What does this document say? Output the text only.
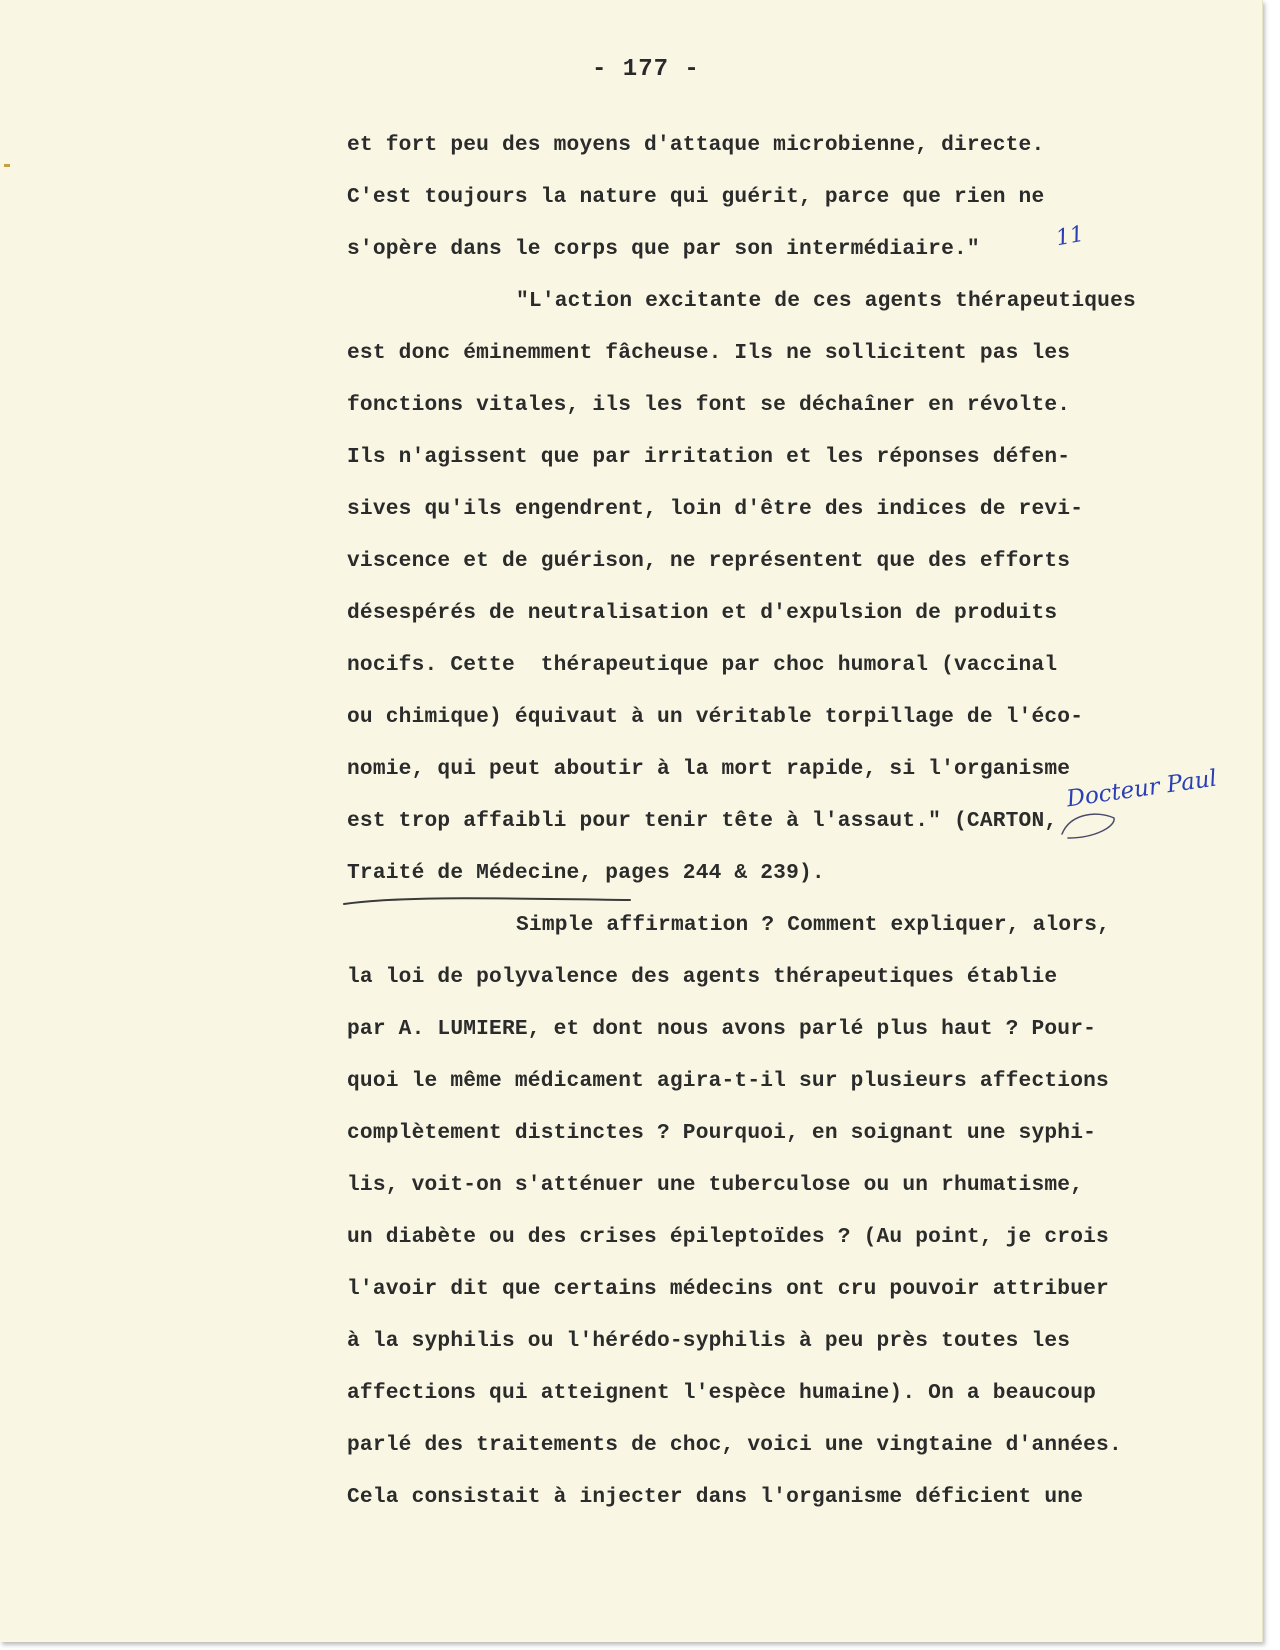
- 177 -
et fort peu des moyens d'attaque microbienne, directe.
C'est toujours la nature qui guérit, parce que rien ne
s'opère dans le corps que par son intermédiaire."
"L'action excitante de ces agents thérapeutiques
est donc éminemment fâcheuse. Ils ne sollicitent pas les
fonctions vitales, ils les font se déchaîner en révolte.
Ils n'agissent que par irritation et les réponses défen-
sives qu'ils engendrent, loin d'être des indices de revi-
viscence et de guérison, ne représentent que des efforts
désespérés de neutralisation et d'expulsion de produits
nocifs. Cette  thérapeutique par choc humoral (vaccinal
ou chimique) équivaut à un véritable torpillage de l'éco-
nomie, qui peut aboutir à la mort rapide, si l'organisme
est trop affaibli pour tenir tête à l'assaut." (CARTON,
Traité de Médecine, pages 244 & 239).
Simple affirmation ? Comment expliquer, alors,
la loi de polyvalence des agents thérapeutiques établie
par A. LUMIERE, et dont nous avons parlé plus haut ? Pour-
quoi le même médicament agira-t-il sur plusieurs affections
complètement distinctes ? Pourquoi, en soignant une syphi-
lis, voit-on s'atténuer une tuberculose ou un rhumatisme,
un diabète ou des crises épileptoïdes ? (Au point, je crois
l'avoir dit que certains médecins ont cru pouvoir attribuer
à la syphilis ou l'hérédo-syphilis à peu près toutes les
affections qui atteignent l'espèce humaine). On a beaucoup
parlé des traitements de choc, voici une vingtaine d'années.
Cela consistait à injecter dans l'organisme déficient une
11
Docteur Paul
